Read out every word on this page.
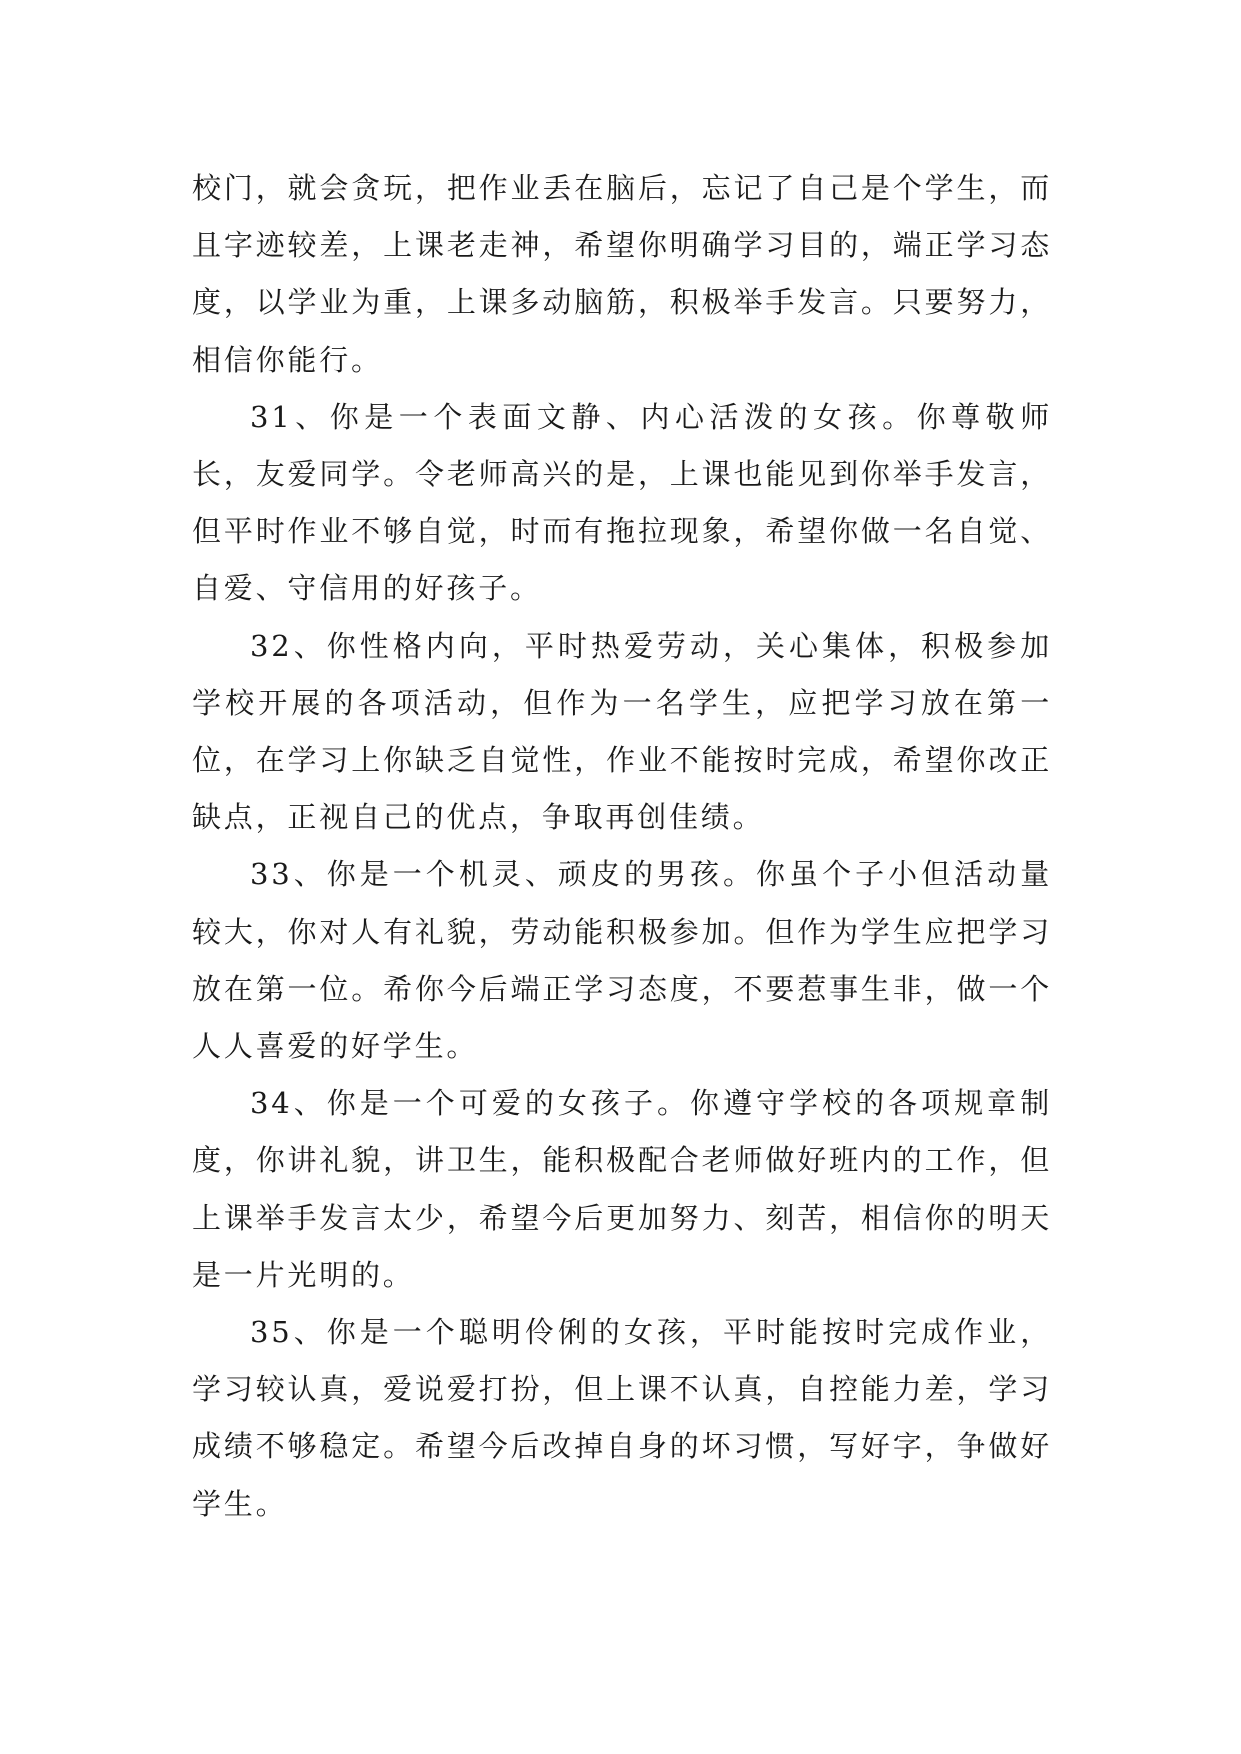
校门，就会贪玩，把作业丢在脑后，忘记了自己是个学生，而且字迹较差，上课老走神，希望你明确学习目的，端正学习态度，以学业为重，上课多动脑筋，积极举手发言。只要努力，相信你能行。

31、你是一个表面文静、内心活泼的女孩。你尊敬师长，友爱同学。令老师高兴的是，上课也能见到你举手发言，但平时作业不够自觉，时而有拖拉现象，希望你做一名自觉、自爱、守信用的好孩子。

32、你性格内向，平时热爱劳动，关心集体，积极参加学校开展的各项活动，但作为一名学生，应把学习放在第一位，在学习上你缺乏自觉性，作业不能按时完成，希望你改正缺点，正视自己的优点，争取再创佳绩。

33、你是一个机灵、顽皮的男孩。你虽个子小但活动量较大，你对人有礼貌，劳动能积极参加。但作为学生应把学习放在第一位。希你今后端正学习态度，不要惹事生非，做一个人人喜爱的好学生。

34、你是一个可爱的女孩子。你遵守学校的各项规章制度，你讲礼貌，讲卫生，能积极配合老师做好班内的工作，但上课举手发言太少，希望今后更加努力、刻苦，相信你的明天是一片光明的。

35、你是一个聪明伶俐的女孩，平时能按时完成作业，学习较认真，爱说爱打扮，但上课不认真，自控能力差，学习成绩不够稳定。希望今后改掉自身的坏习惯，写好字，争做好学生。
